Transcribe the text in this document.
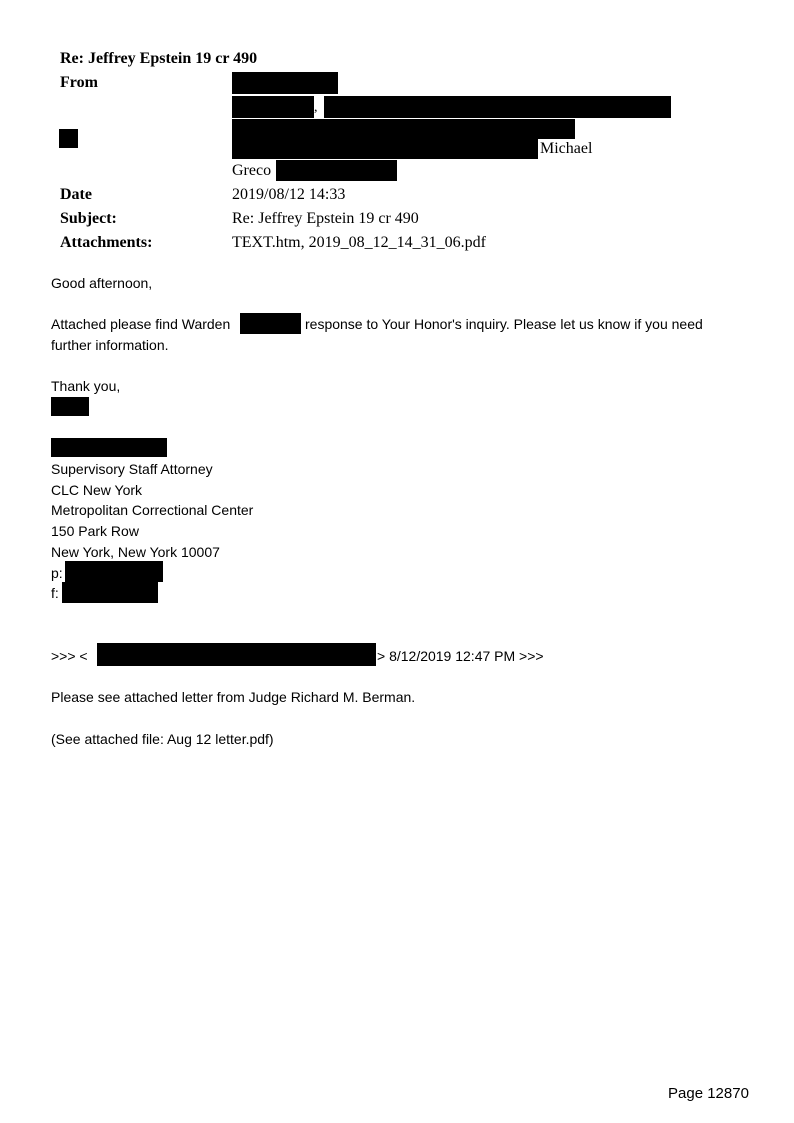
Re: Jeffrey Epstein 19 cr 490
From
,
Michael
Greco
Date	2019/08/12 14:33
Subject:	Re: Jeffrey Epstein 19 cr 490
Attachments:	TEXT.htm, 2019_08_12_14_31_06.pdf
Good afternoon,
Attached please find Warden	response to Your Honor's inquiry. Please let us know if you need
further information.
Thank you,
Supervisory Staff Attorney
CLC New York
Metropolitan Correctional Center
150 Park Row
New York, New York 10007
p:
f:
>>> <	> 8/12/2019 12:47 PM >>>
Please see attached letter from Judge Richard M. Berman.
(See attached file: Aug 12 letter.pdf)
Page 12870
